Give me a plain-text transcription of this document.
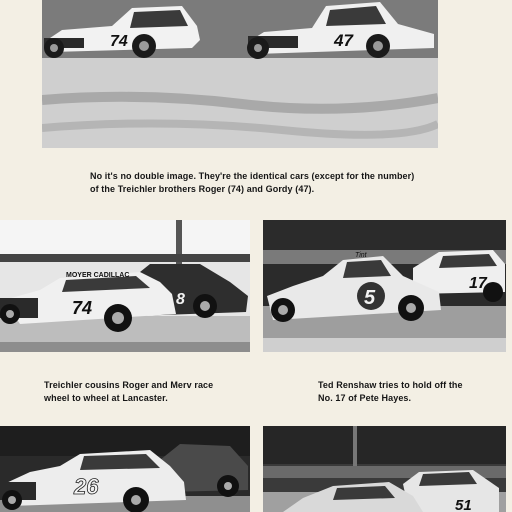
74	47
No it's no double image. They're the identical cars (except for the number)
of the Treichler brothers Roger (74) and Gordy (47).
8
MOYER CADILLAC
74
17
Tint
5
Treichler cousins Roger and Merv race
wheel to wheel at Lancaster.
Ted Renshaw tries to hold off the
No. 17 of Pete Hayes.
26
51
